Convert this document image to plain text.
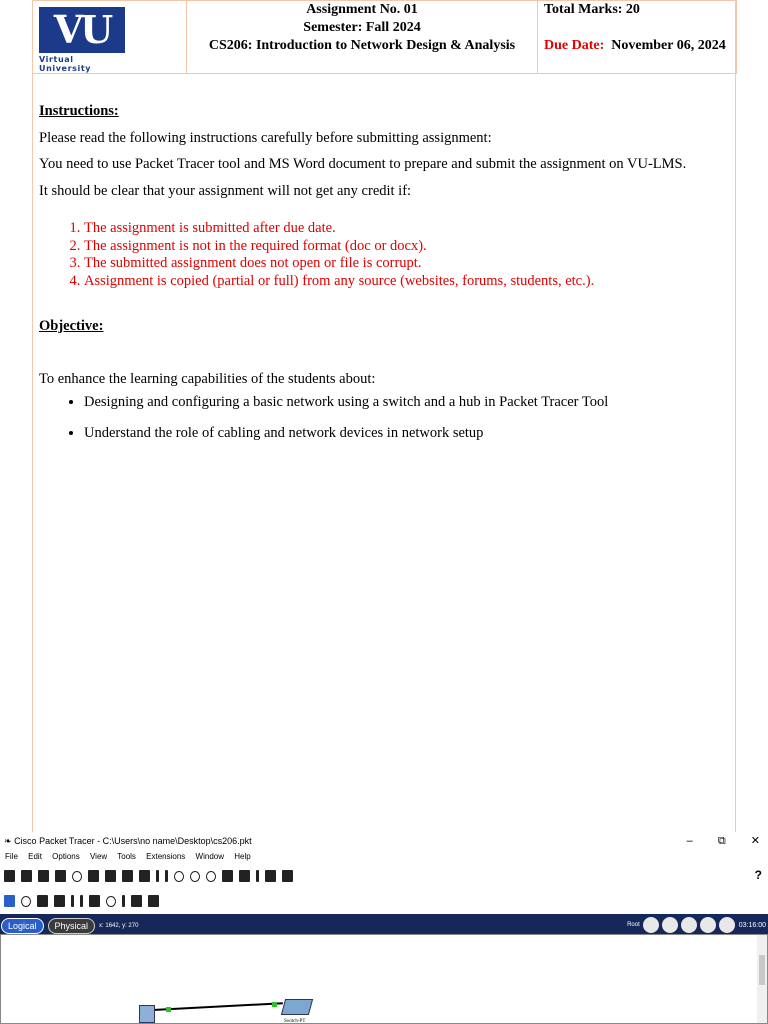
VU
Virtual University

Assignment No. 01
Semester: Fall 2024
CS206: Introduction to Network Design & Analysis

Total Marks: 20
Due Date: November 06, 2024

Instructions:

Please read the following instructions carefully before submitting assignment:

You need to use Packet Tracer tool and MS Word document to prepare and submit the assignment on VU-LMS.

It should be clear that your assignment will not get any credit if:

1. The assignment is submitted after due date.
2. The assignment is not in the required format (doc or docx).
3. The submitted assignment does not open or file is corrupt.
4. Assignment is copied (partial or full) from any source (websites, forums, students, etc.).

Objective:

To enhance the learning capabilities of the students about:

• Designing and configuring a basic network using a switch and a hub in Packet Tracer Tool
• Understand the role of cabling and network devices in network setup
❧ Cisco Packet Tracer - C:\Users\no name\Desktop\cs206.pkt	– ⧉ ✕
File Edit Options View Tools Extensions Window Help
?
Logical	Physical	x: 1642, y: 270	Root	03:16:00
Switch-PT
